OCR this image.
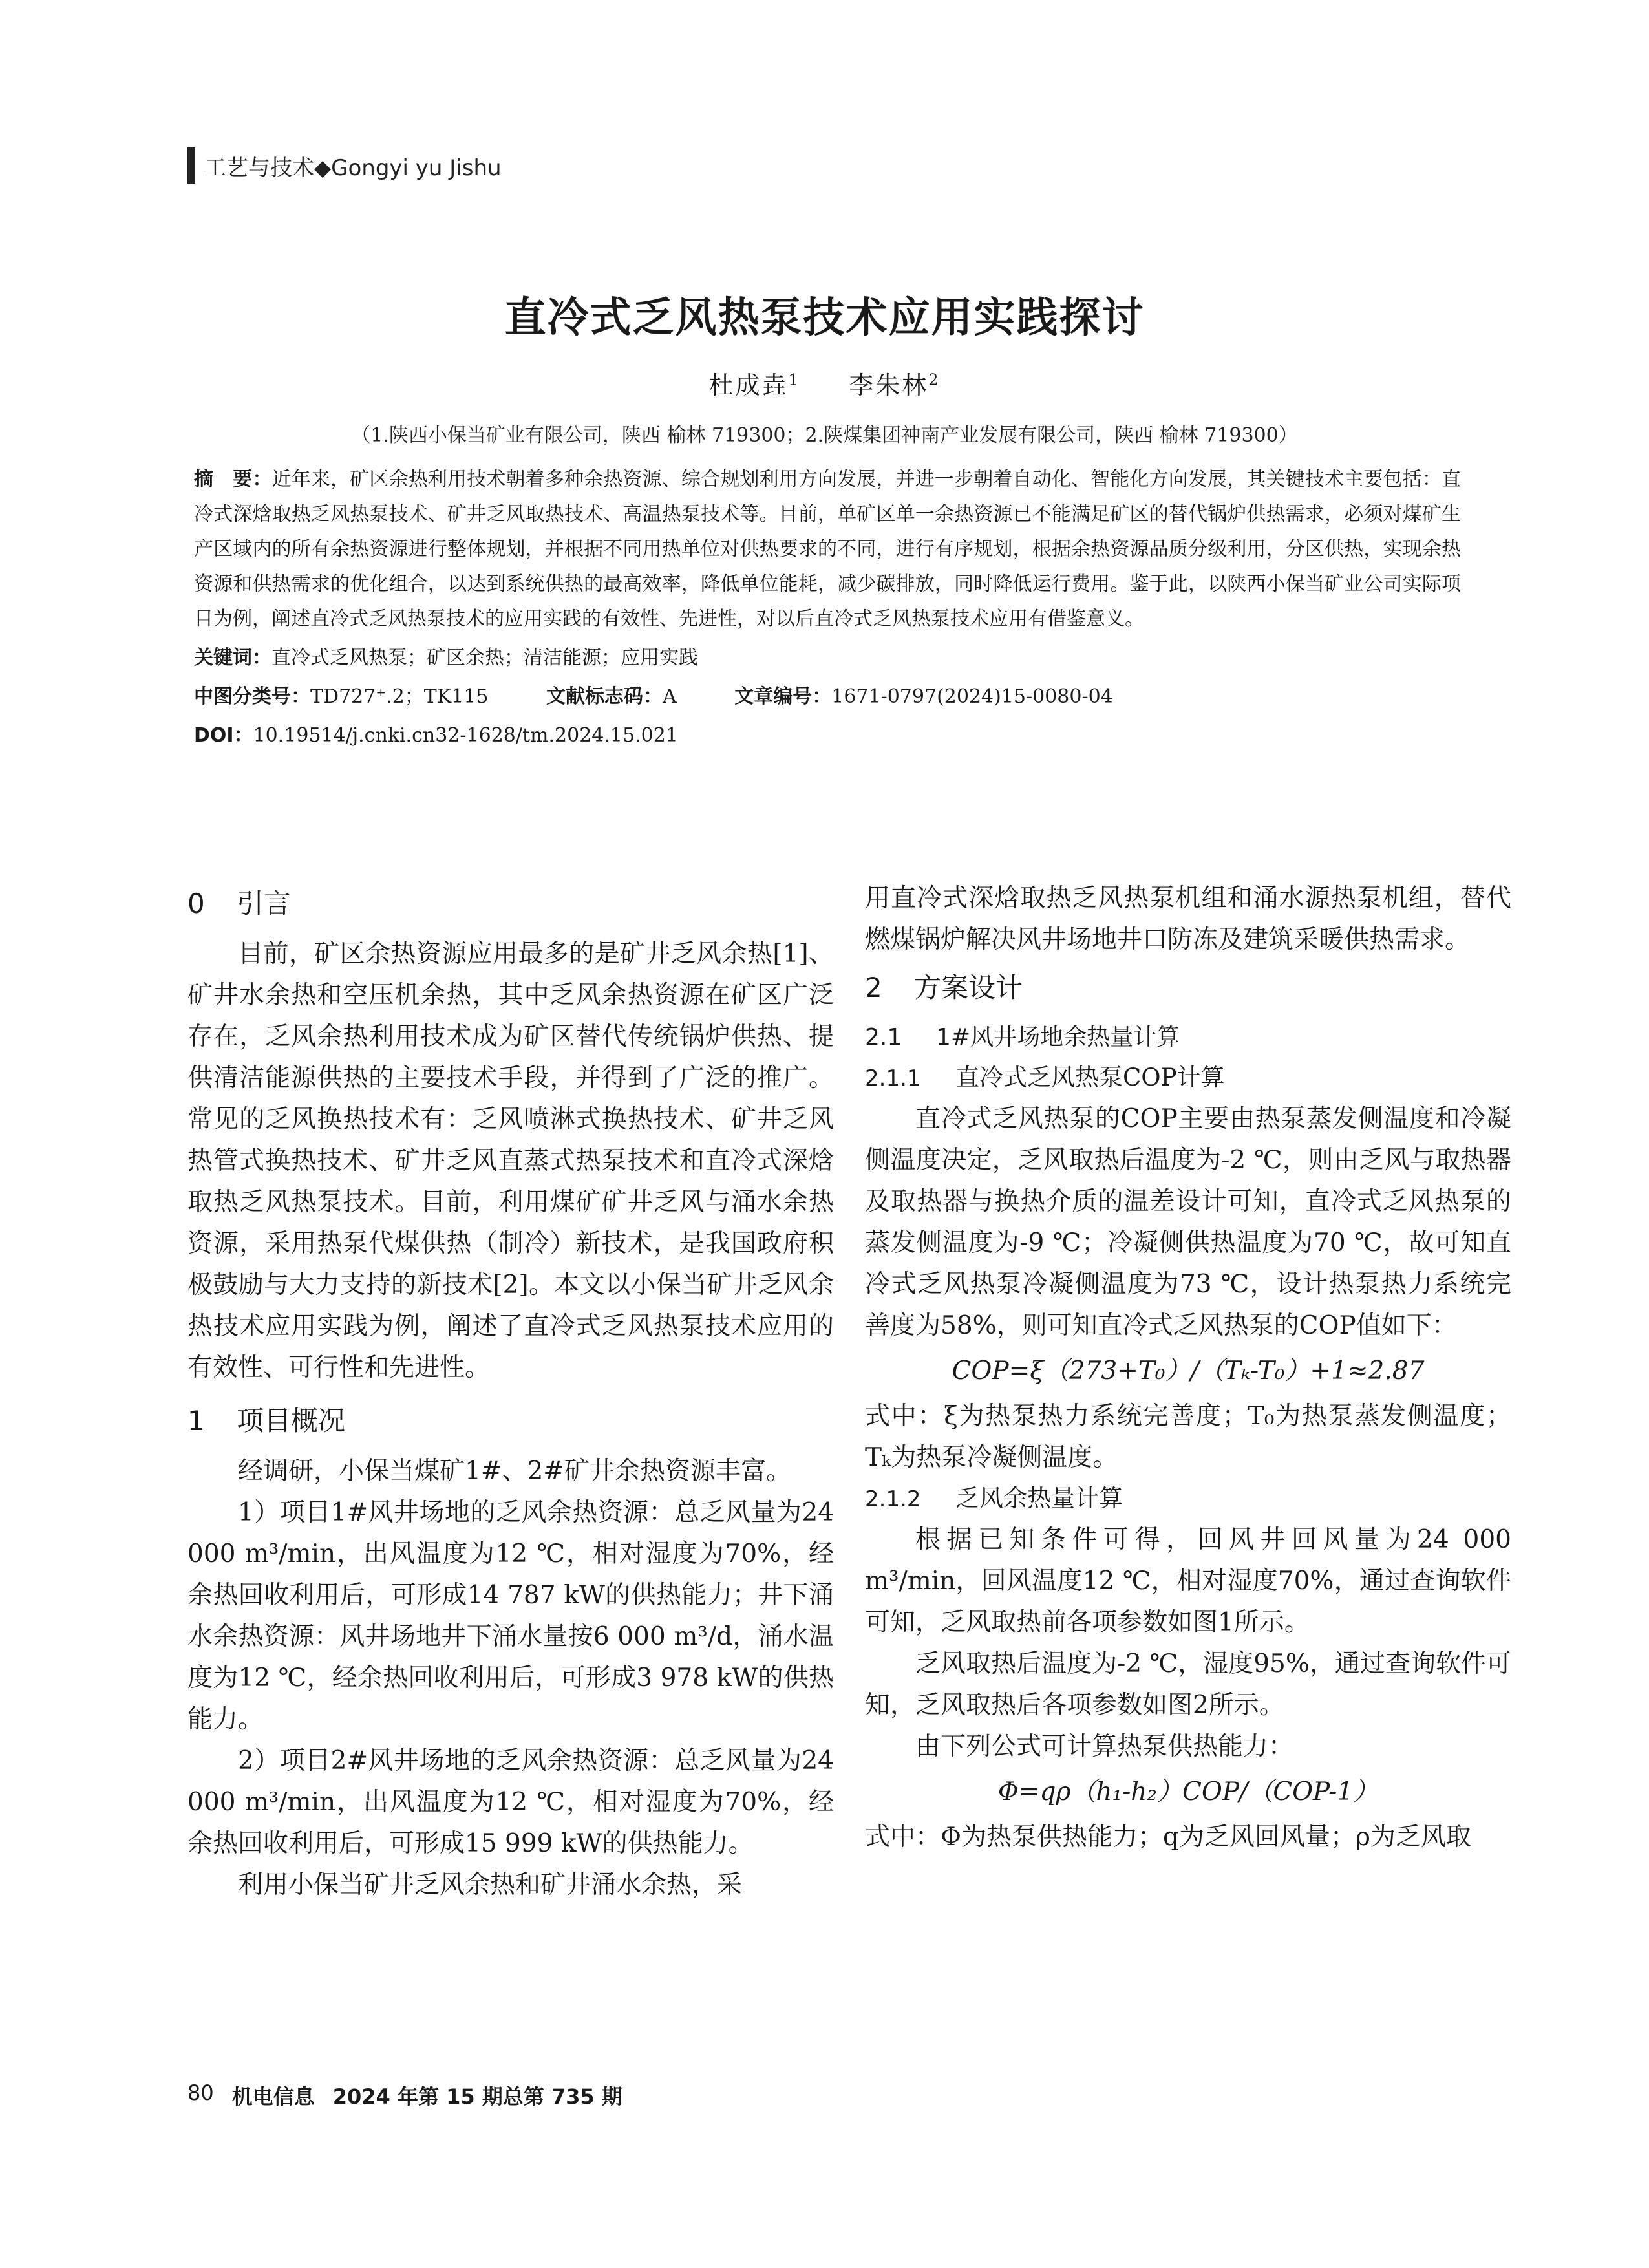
工艺与技术◆Gongyi yu Jishu
直冷式乏风热泵技术应用实践探讨
杜成垚$^1$ 李朱林$^2$
（1.陕西小保当矿业有限公司，陕西 榆林 719300；2.陕煤集团神南产业发展有限公司，陕西 榆林 719300）

摘　要：近年来，矿区余热利用技术朝着多种余热资源、综合规划利用方向发展，并进一步朝着自动化、智能化方向发展，其关键技术主要包括：直冷式深焓取热乏风热泵技术、矿井乏风取热技术、高温热泵技术等。目前，单矿区单一余热资源已不能满足矿区的替代锅炉供热需求，必须对煤矿生产区域内的所有余热资源进行整体规划，并根据不同用热单位对供热要求的不同，进行有序规划，根据余热资源品质分级利用，分区供热，实现余热资源和供热需求的优化组合，以达到系统供热的最高效率，降低单位能耗，减少碳排放，同时降低运行费用。鉴于此，以陕西小保当矿业公司实际项目为例，阐述直冷式乏风热泵技术的应用实践的有效性、先进性，对以后直冷式乏风热泵技术应用有借鉴意义。

关键词：直冷式乏风热泵；矿区余热；清洁能源；应用实践

中图分类号：TD727⁺.2；TK115	文献标志码：A	文章编号：1671-0797(2024)15-0080-04

DOI：10.19514/j.cnki.cn32-1628/tm.2024.15.021

0 引言

目前，矿区余热资源应用最多的是矿井乏风余热[1]、矿井水余热和空压机余热，其中乏风余热资源在矿区广泛存在，乏风余热利用技术成为矿区替代传统锅炉供热、提供清洁能源供热的主要技术手段，并得到了广泛的推广。常见的乏风换热技术有：乏风喷淋式换热技术、矿井乏风热管式换热技术、矿井乏风直蒸式热泵技术和直冷式深焓取热乏风热泵技术。目前，利用煤矿矿井乏风与涌水余热资源，采用热泵代煤供热（制冷）新技术，是我国政府积极鼓励与大力支持的新技术[2]。本文以小保当矿井乏风余热技术应用实践为例，阐述了直冷式乏风热泵技术应用的有效性、可行性和先进性。

1 项目概况

经调研，小保当煤矿1#、2#矿井余热资源丰富。

1）项目1#风井场地的乏风余热资源：总乏风量为24 000 m³/min，出风温度为12 ℃，相对湿度为70%，经余热回收利用后，可形成14 787 kW的供热能力；井下涌水余热资源：风井场地井下涌水量按6 000 m³/d，涌水温度为12 ℃，经余热回收利用后，可形成3 978 kW的供热能力。

2）项目2#风井场地的乏风余热资源：总乏风量为24 000 m³/min，出风温度为12 ℃，相对湿度为70%，经余热回收利用后，可形成15 999 kW的供热能力。

利用小保当矿井乏风余热和矿井涌水余热，采

用直冷式深焓取热乏风热泵机组和涌水源热泵机组，替代燃煤锅炉解决风井场地井口防冻及建筑采暖供热需求。

2 方案设计
2.1 1#风井场地余热量计算
2.1.1 直冷式乏风热泵COP计算

直冷式乏风热泵的COP主要由热泵蒸发侧温度和冷凝侧温度决定，乏风取热后温度为-2 ℃，则由乏风与取热器及取热器与换热介质的温差设计可知，直冷式乏风热泵的蒸发侧温度为-9 ℃；冷凝侧供热温度为70 ℃，故可知直冷式乏风热泵冷凝侧温度为73 ℃，设计热泵热力系统完善度为58%，则可知直冷式乏风热泵的COP值如下：

COP=ξ（273+T₀）/（Tₖ-T₀）+1≈2.87

式中：ξ为热泵热力系统完善度；T₀为热泵蒸发侧温度；Tₖ为热泵冷凝侧温度。

2.1.2 乏风余热量计算

根据已知条件可得，回风井回风量为24 000 m³/min，回风温度12 ℃，相对湿度70%，通过查询软件可知，乏风取热前各项参数如图1所示。

乏风取热后温度为-2 ℃，湿度95%，通过查询软件可知，乏风取热后各项参数如图2所示。

由下列公式可计算热泵供热能力：

Φ=qρ（h₁-h₂）COP/（COP-1）

式中：Φ为热泵供热能力；q为乏风回风量；ρ为乏风取

80 机电信息 2024 年第 15 期总第 735 期
